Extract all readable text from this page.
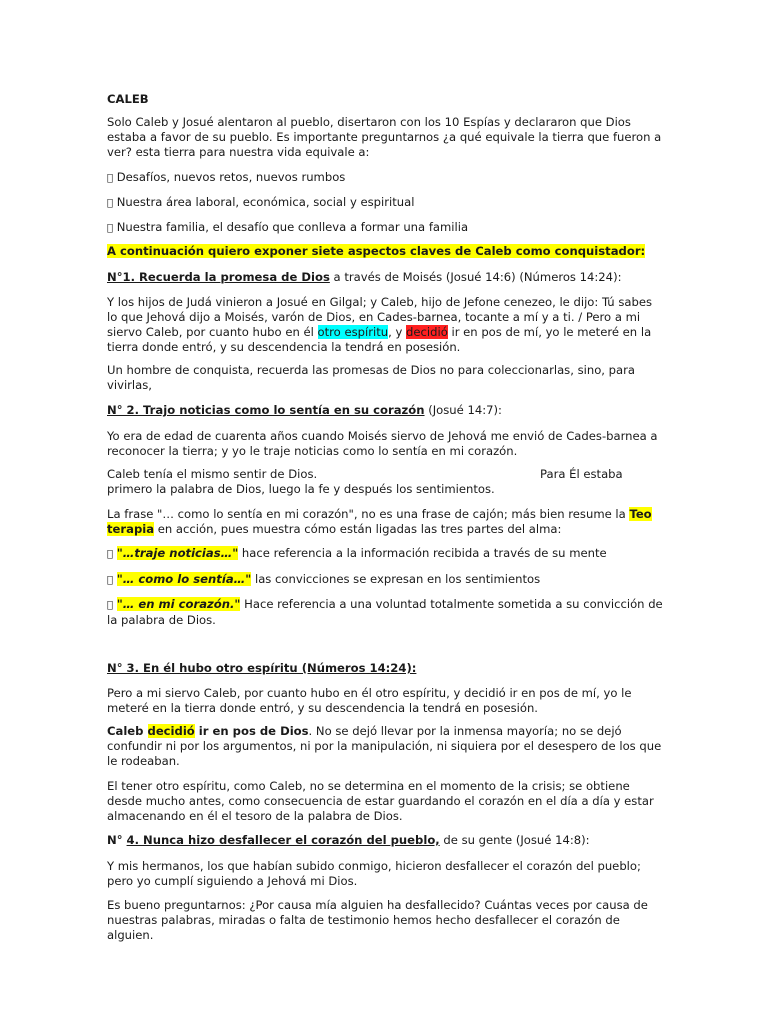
CALEB

Solo Caleb y Josué alentaron al pueblo, disertaron con los 10 Espías y declararon que Dios estaba a favor de su pueblo. Es importante preguntarnos ¿a qué equivale la tierra que fueron a ver? esta tierra para nuestra vida equivale a:

Desafíos, nuevos retos, nuevos rumbos

Nuestra área laboral, económica, social y espiritual

Nuestra familia, el desafío que conlleva a formar una familia

A continuación quiero exponer siete aspectos claves de Caleb como conquistador:

N°1. Recuerda la promesa de Dios a través de Moisés (Josué 14:6) (Números 14:24):

Y los hijos de Judá vinieron a Josué en Gilgal; y Caleb, hijo de Jefone cenezeo, le dijo: Tú sabes lo que Jehová dijo a Moisés, varón de Dios, en Cades-barnea, tocante a mí y a ti. / Pero a mi siervo Caleb, por cuanto hubo en él otro espíritu, y decidió ir en pos de mí, yo le meteré en la tierra donde entró, y su descendencia la tendrá en posesión.

Un hombre de conquista, recuerda las promesas de Dios no para coleccionarlas, sino, para vivirlas,

N° 2. Trajo noticias como lo sentía en su corazón (Josué 14:7):

Yo era de edad de cuarenta años cuando Moisés siervo de Jehová me envió de Cades-barnea a reconocer la tierra; y yo le traje noticias como lo sentía en mi corazón.

Caleb tenía el mismo sentir de Dios.	Para Él estaba

primero la palabra de Dios, luego la fe y después los sentimientos.

La frase "… como lo sentía en mi corazón", no es una frase de cajón; más bien resume la Teo
terapia en acción, pues muestra cómo están ligadas las tres partes del alma:

"…traje noticias…" hace referencia a la información recibida a través de su mente

"… como lo sentía…" las convicciones se expresan en los sentimientos

"… en mi corazón." Hace referencia a una voluntad totalmente sometida a su convicción de la palabra de Dios.

N° 3. En él hubo otro espíritu (Números 14:24):

Pero a mi siervo Caleb, por cuanto hubo en él otro espíritu, y decidió ir en pos de mí, yo le meteré en la tierra donde entró, y su descendencia la tendrá en posesión.

Caleb decidió ir en pos de Dios. No se dejó llevar por la inmensa mayoría; no se dejó confundir ni por los argumentos, ni por la manipulación, ni siquiera por el desespero de los que le rodeaban.

El tener otro espíritu, como Caleb, no se determina en el momento de la crisis; se obtiene desde mucho antes, como consecuencia de estar guardando el corazón en el día a día y estar almacenando en él el tesoro de la palabra de Dios.

N° 4. Nunca hizo desfallecer el corazón del pueblo, de su gente (Josué 14:8):

Y mis hermanos, los que habían subido conmigo, hicieron desfallecer el corazón del pueblo; pero yo cumplí siguiendo a Jehová mi Dios.

Es bueno preguntarnos: ¿Por causa mía alguien ha desfallecido? Cuántas veces por causa de nuestras palabras, miradas o falta de testimonio hemos hecho desfallecer el corazón de alguien.
